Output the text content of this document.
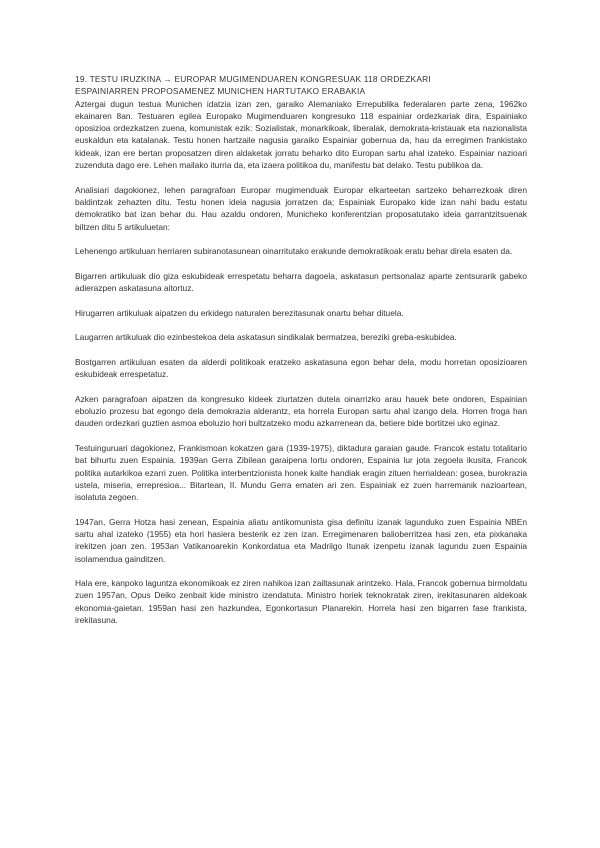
19. TESTU IRUZKINA → EUROPAR MUGIMENDUAREN KONGRESUAK 118 ORDEZKARI
ESPAINIARREN PROPOSAMENEZ MUNICHEN HARTUTAKO ERABAKIA

Aztergai dugun testua Munichen idatzia izan zen, garaiko Alemaniako Errepublika federalaren parte zena, 1962ko ekainaren 8an. Testuaren egilea Europako Mugimenduaren kongresuko 118 espainiar ordezkariak dira, Espainiako oposizioa ordezkatzen zuena, komunistak ezik: Sozialistak, monarkikoak, liberalak, demokrata-kristauak eta nazionalista euskaldun eta katalanak. Testu honen hartzaile nagusia garaiko Espainiar gobernua da, hau da erregimen frankistako kideak, izan ere bertan proposatzen diren aldaketak jorratu beharko dito Europan sartu ahal izateko. Espainiar nazioari zuzenduta dago ere. Lehen mailako iturria da, eta izaera politikoa du, manifestu bat delako. Testu publikoa da.

Analisiari dagokionez, lehen paragrafoan Europar mugimenduak Europar elkarteetan sartzeko beharrezkoak diren baldintzak zehazten ditu. Testu honen ideia nagusia jorratzen da; Espainiak Europako kide izan nahi badu estatu demokratiko bat izan behar du. Hau azaldu ondoren, Municheko konferentzian proposatutako ideia garrantzitsuenak biltzen ditu 5 artikuluetan:

Lehenengo artikuluan herriaren subiranotasunean oinarritutako erakunde demokratikoak eratu behar direla esaten da.

Bigarren artikuluak dio giza eskubideak errespetatu beharra dagoela, askatasun pertsonalaz aparte zentsurarik gabeko adierazpen askatasuna aitortuz.

Hirugarren artikuluak aipatzen du erkidego naturalen berezitasunak onartu behar dituela.

Laugarren artikuluak dio ezinbestekoa dela askatasun sindikalak bermatzea, bereziki greba-eskubidea.

Bostgarren artikuluan esaten da alderdi politikoak eratzeko askatasuna egon behar dela, modu horretan oposizioaren eskubideak errespetatuz.

Azken paragrafoan aipatzen da kongresuko kideek ziurtatzen dutela oinarrizko arau hauek bete ondoren, Espainian eboluzio prozesu bat egongo dela demokrazia alderantz, eta horrela Europan sartu ahal izango dela. Horren froga han dauden ordezkari guztien asmoa eboluzio hori bultzatzeko modu azkarrenean da, betiere bide bortitzei uko eginaz.

Testuinguruari dagokionez, Frankismoan kokatzen gara (1939-1975), diktadura garaian gaude. Francok estatu totalitario bat bihurtu zuen Espainia. 1939an Gerra Zibilean garaipena lortu ondoren, Espainia lur jota zegoela ikusita, Francok politika autarkikoa ezarri zuen. Politika interbentzionista honek kalte handiak eragin zituen herrialdean: gosea, burokrazia ustela, miseria, errepresioa... Bitartean, II. Mundu Gerra ematen ari zen. Espainiak ez zuen harremanik nazioartean, isolatuta zegoen.

1947an, Gerra Hotza hasi zenean, Espainia aliatu antikomunista gisa definitu izanak lagunduko zuen Espainia NBEn sartu ahal izateko (1955) eta hori hasiera besterik ez zen izan. Erregimenaren balioberritzea hasi zen, eta pixkanaka irekitzen joan zen. 1953an Vatikanoarekin Konkordatua eta Madrilgo Itunak izenpetu izanak lagundu zuen Espainia isolamendua gainditzen.

Hala ere, kanpoko laguntza ekonomikoak ez ziren nahikoa izan zailtasunak arintzeko. Hala, Francok gobernua birmoldatu zuen 1957an, Opus Deiko zenbait kide ministro izendatuta. Ministro horiek teknokratak ziren, irekitasunaren aldekoak ekonomia-gaietan. 1959an hasi zen hazkundea, Egonkortasun Planarekin. Horrela hasi zen bigarren fase frankista, irekitasuna.
